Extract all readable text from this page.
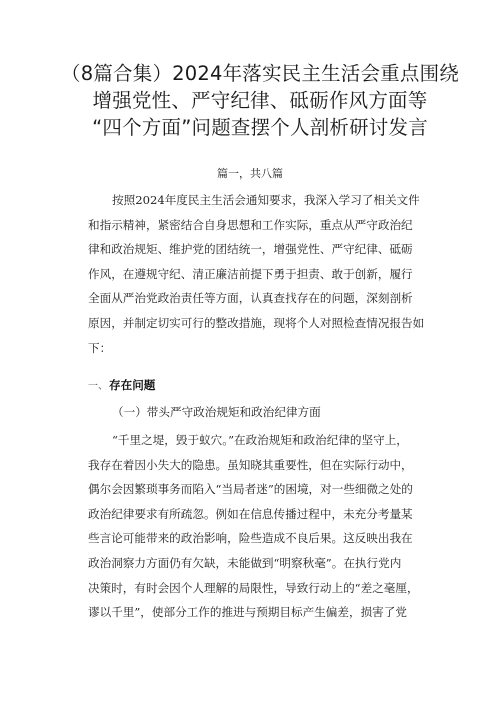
（8篇合集）2024年落实民主生活会重点围绕
增强党性、严守纪律、砥砺作风方面等
“四个方面”问题查摆个人剖析研讨发言
篇一，共八篇
按照2024年度民主生活会通知要求，我深入学习了相关文件
和指示精神，紧密结合自身思想和工作实际，重点从严守政治纪
律和政治规矩、维护党的团结统一，增强党性、严守纪律、砥砺
作风，在遵规守纪、清正廉洁前提下勇于担责、敢于创新，履行
全面从严治党政治责任等方面，认真查找存在的问题，深刻剖析
原因，并制定切实可行的整改措施，现将个人对照检查情况报告如
下：
一、存在问题
（一）带头严守政治规矩和政治纪律方面
“千里之堤，毁于蚁穴。”在政治规矩和政治纪律的坚守上，
我存在着因小失大的隐患。虽知晓其重要性，但在实际行动中，
偶尔会因繁琐事务而陷入“当局者迷”的困境，对一些细微之处的
政治纪律要求有所疏忽。例如在信息传播过程中，未充分考量某
些言论可能带来的政治影响，险些造成不良后果。这反映出我在
政治洞察力方面仍有欠缺，未能做到“明察秋毫”。在执行党内
决策时，有时会因个人理解的局限性，导致行动上的“差之毫厘，
谬以千里”，使部分工作的推进与预期目标产生偏差，损害了党
